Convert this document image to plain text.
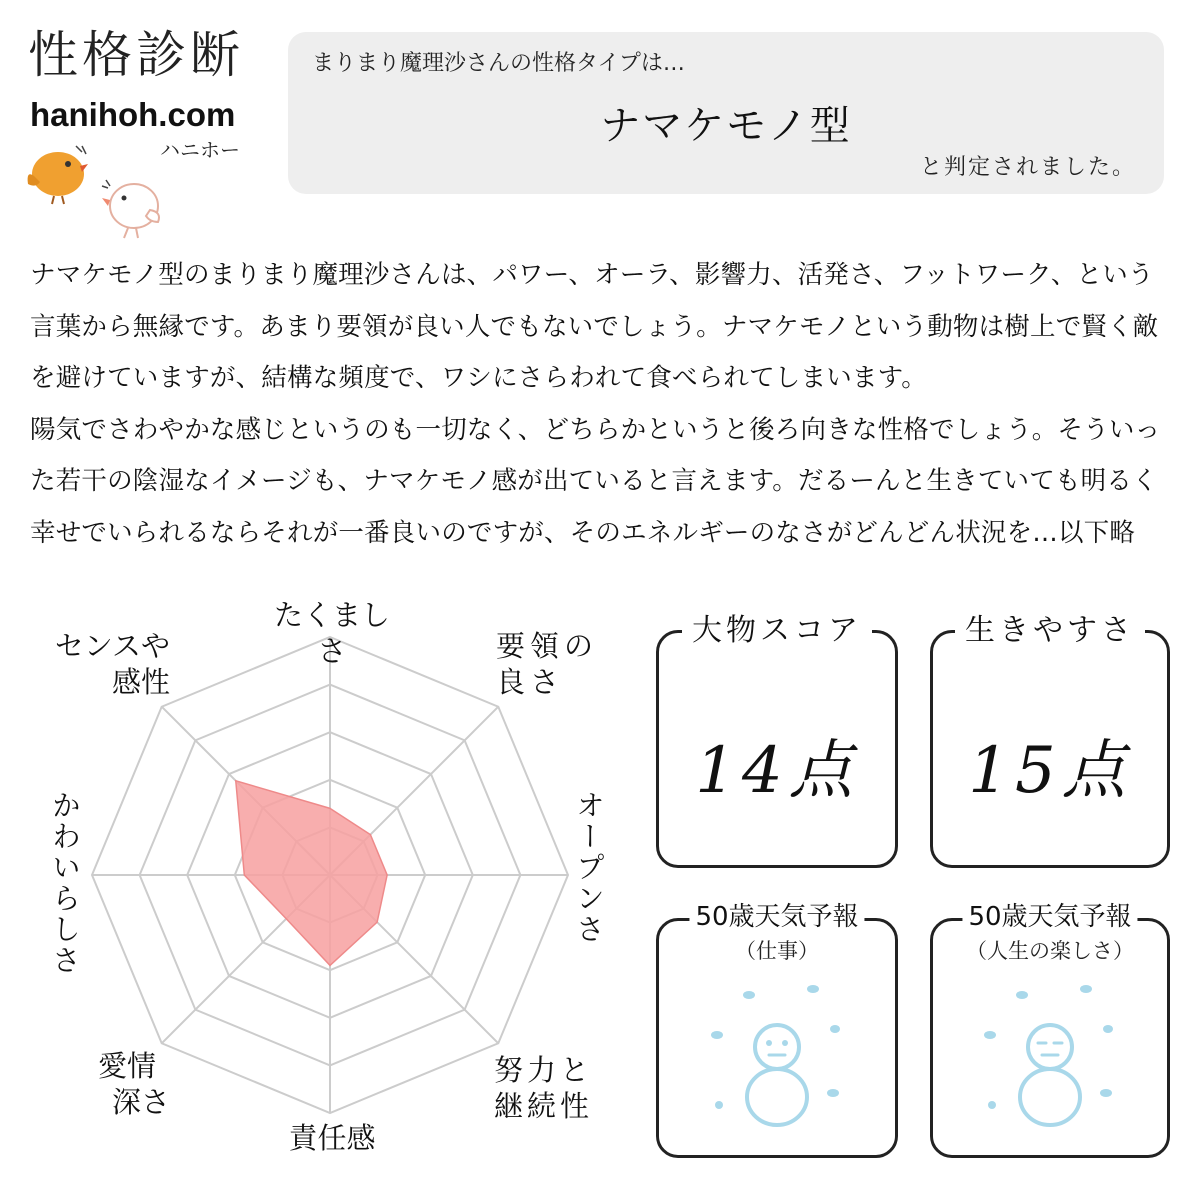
性格診断
hanihoh.com
ハニホー
まりまり魔理沙さんの性格タイプは…
ナマケモノ型
と判定されました。

ナマケモノ型のまりまり魔理沙さんは、パワー、オーラ、影響力、活発さ、フットワーク、という言葉から無縁です。あまり要領が良い人でもないでしょう。ナマケモノという動物は樹上で賢く敵を避けていますが、結構な頻度で、ワシにさらわれて食べられてしまいます。

陽気でさわやかな感じというのも一切なく、どちらかというと後ろ向きな性格でしょう。そういった若干の陰湿なイメージも、ナマケモノ感が出ていると言えます。だるーんと生きていても明るく幸せでいられるならそれが一番良いのですが、そのエネルギーのなさがどんどん状況を…以下略

たくましさ	要領の
良さ
オープンさ
努力と
継続性
責任感
愛情
深さ
かわいらしさ
センスや
感性
大物スコア
14点
生きやすさ
15点
50歳天気予報
（仕事）
50歳天気予報
（人生の楽しさ）
